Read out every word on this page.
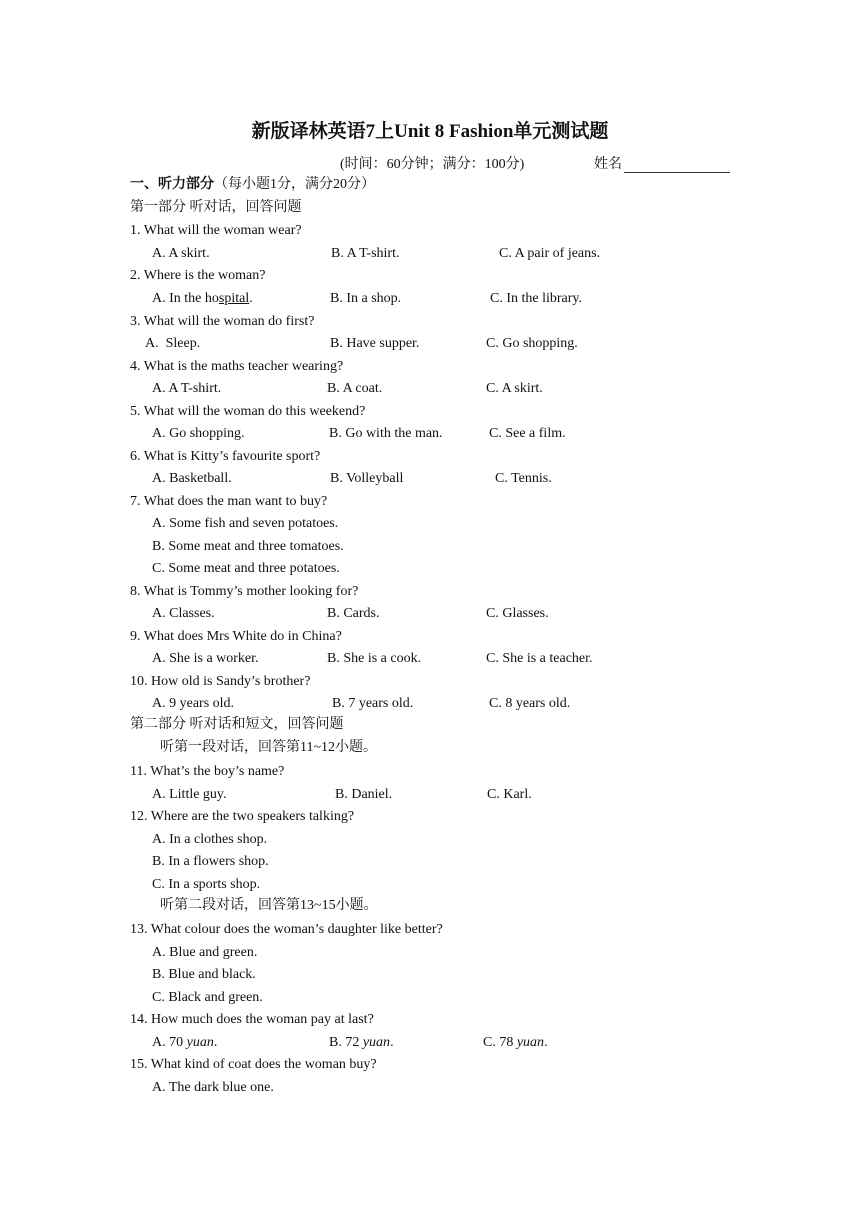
新版译林英语7上Unit 8 Fashion单元测试题
(时间：60分钟；满分：100分)	姓名
一、听力部分（每小题1分，满分20分）
第一部分 听对话，回答问题
1. What will the woman wear?
A. A skirt.	B. A T-shirt.	C. A pair of jeans.
2. Where is the woman?
A. In the hospital.	B. In a shop.	C. In the library.
3. What will the woman do first?
A.  Sleep.	B. Have supper.	C. Go shopping.
4. What is the maths teacher wearing?
A. A T-shirt.	B. A coat.	C. A skirt.
5. What will the woman do this weekend?
A. Go shopping.	B. Go with the man.	C. See a film.
6. What is Kitty’s favourite sport?
A. Basketball.	B. Volleyball	C. Tennis.
7. What does the man want to buy?
A. Some fish and seven potatoes.
B. Some meat and three tomatoes.
C. Some meat and three potatoes.
8. What is Tommy’s mother looking for?
A. Classes.	B. Cards.	C. Glasses.
9. What does Mrs White do in China?
A. She is a worker.	B. She is a cook.	C. She is a teacher.
10. How old is Sandy’s brother?
A. 9 years old.	B. 7 years old.	C. 8 years old.
第二部分 听对话和短文，回答问题
听第一段对话，回答第11~12小题。
11. What’s the boy’s name?
A. Little guy.	B. Daniel.	C. Karl.
12. Where are the two speakers talking?
A. In a clothes shop.
B. In a flowers shop.
C. In a sports shop.
听第二段对话，回答第13~15小题。
13. What colour does the woman’s daughter like better?
A. Blue and green.
B. Blue and black.
C. Black and green.
14. How much does the woman pay at last?
A. 70 yuan.	B. 72 yuan.	C. 78 yuan.
15. What kind of coat does the woman buy?
A. The dark blue one.
